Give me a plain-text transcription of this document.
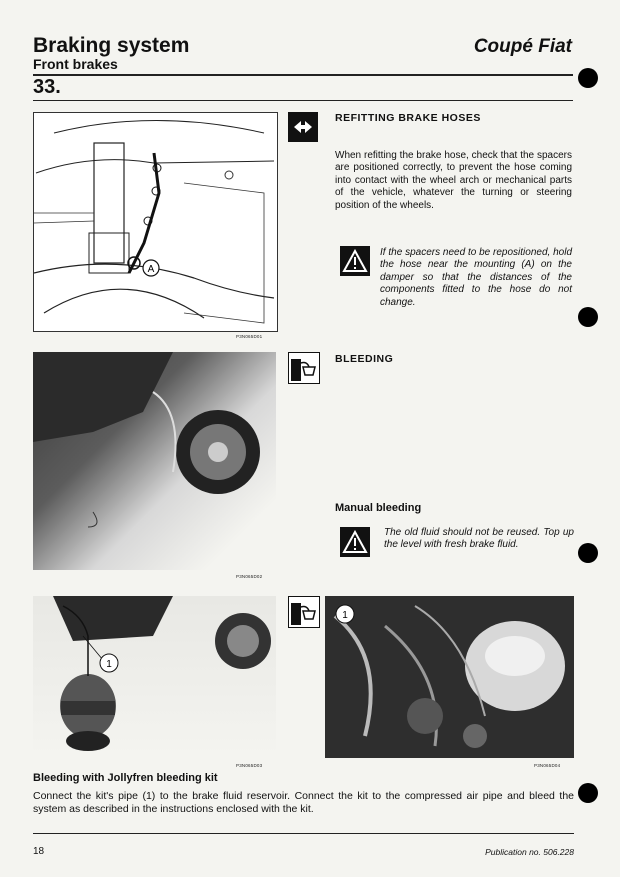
Braking system
Front brakes
Coupé Fiat
33.
A
P3N065D01
REFITTING BRAKE HOSES
When refitting the brake hose, check that the spacers are positioned correctly, to prevent the hose coming into contact with the wheel arch or mechanical parts of the vehicle, whatever the turning or steering position of the wheels.
If the spacers need to be repositioned, hold the hose near the mounting (A) on the damper so that the distances of the components fitted to the hose do not change.
P3N065D02
BLEEDING
Manual bleeding
The old fluid should not be reused. Top up the level with fresh brake fluid.
1
P3N065D03
1
P3N065D04
Bleeding with Jollyfren bleeding kit
Connect the kit's pipe (1) to the brake fluid reservoir. Connect the kit to the compressed air pipe and bleed the system as described in the instructions enclosed with the kit.
18	Publication no. 506.228
